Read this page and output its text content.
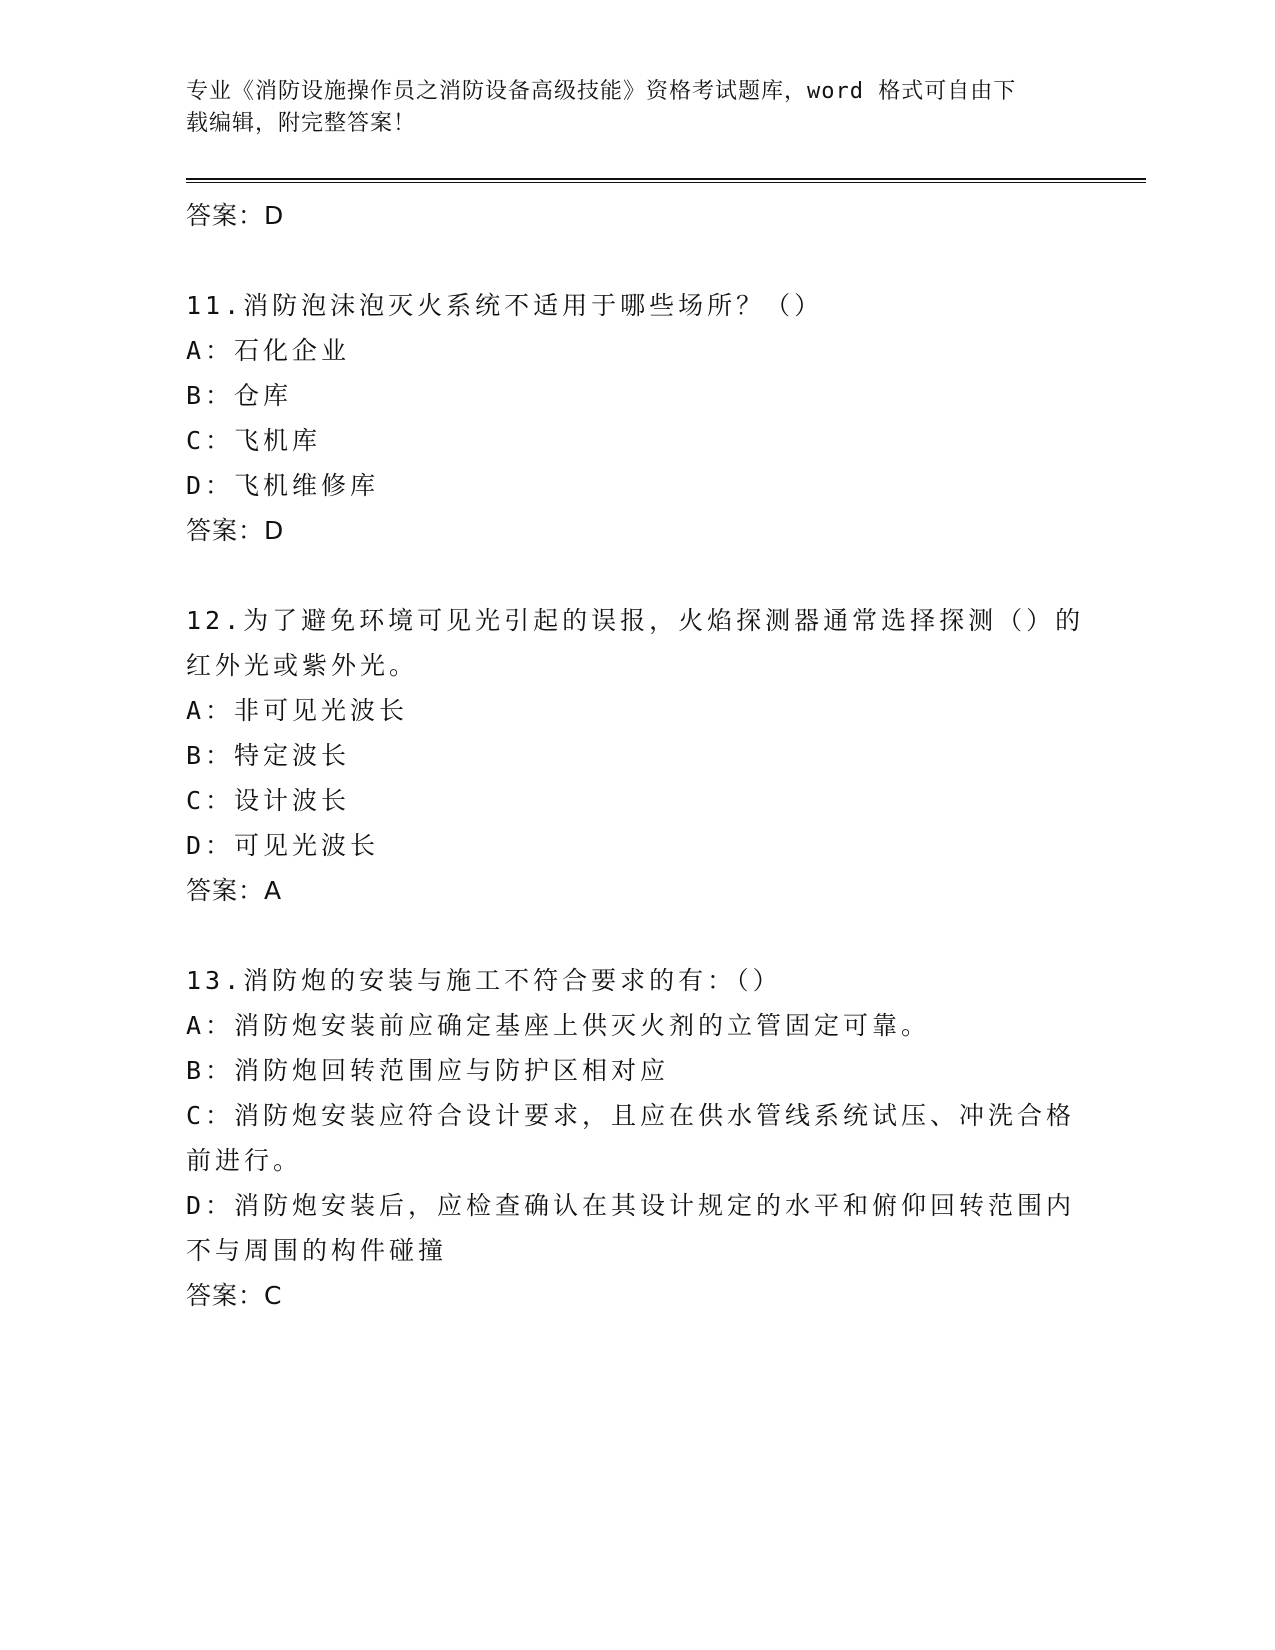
专业《消防设施操作员之消防设备高级技能》资格考试题库，word 格式可自由下
载编辑，附完整答案！
答案：D
11.消防泡沫泡灭火系统不适用于哪些场所？（）
A：石化企业
B：仓库
C：飞机库
D：飞机维修库
答案：D
12.为了避免环境可见光引起的误报，火焰探测器通常选择探测（）的
红外光或紫外光。
A：非可见光波长
B：特定波长
C：设计波长
D：可见光波长
答案：A
13.消防炮的安装与施工不符合要求的有：（）
A：消防炮安装前应确定基座上供灭火剂的立管固定可靠。
B：消防炮回转范围应与防护区相对应
C：消防炮安装应符合设计要求，且应在供水管线系统试压、冲洗合格
前进行。
D：消防炮安装后，应检查确认在其设计规定的水平和俯仰回转范围内
不与周围的构件碰撞
答案：C
